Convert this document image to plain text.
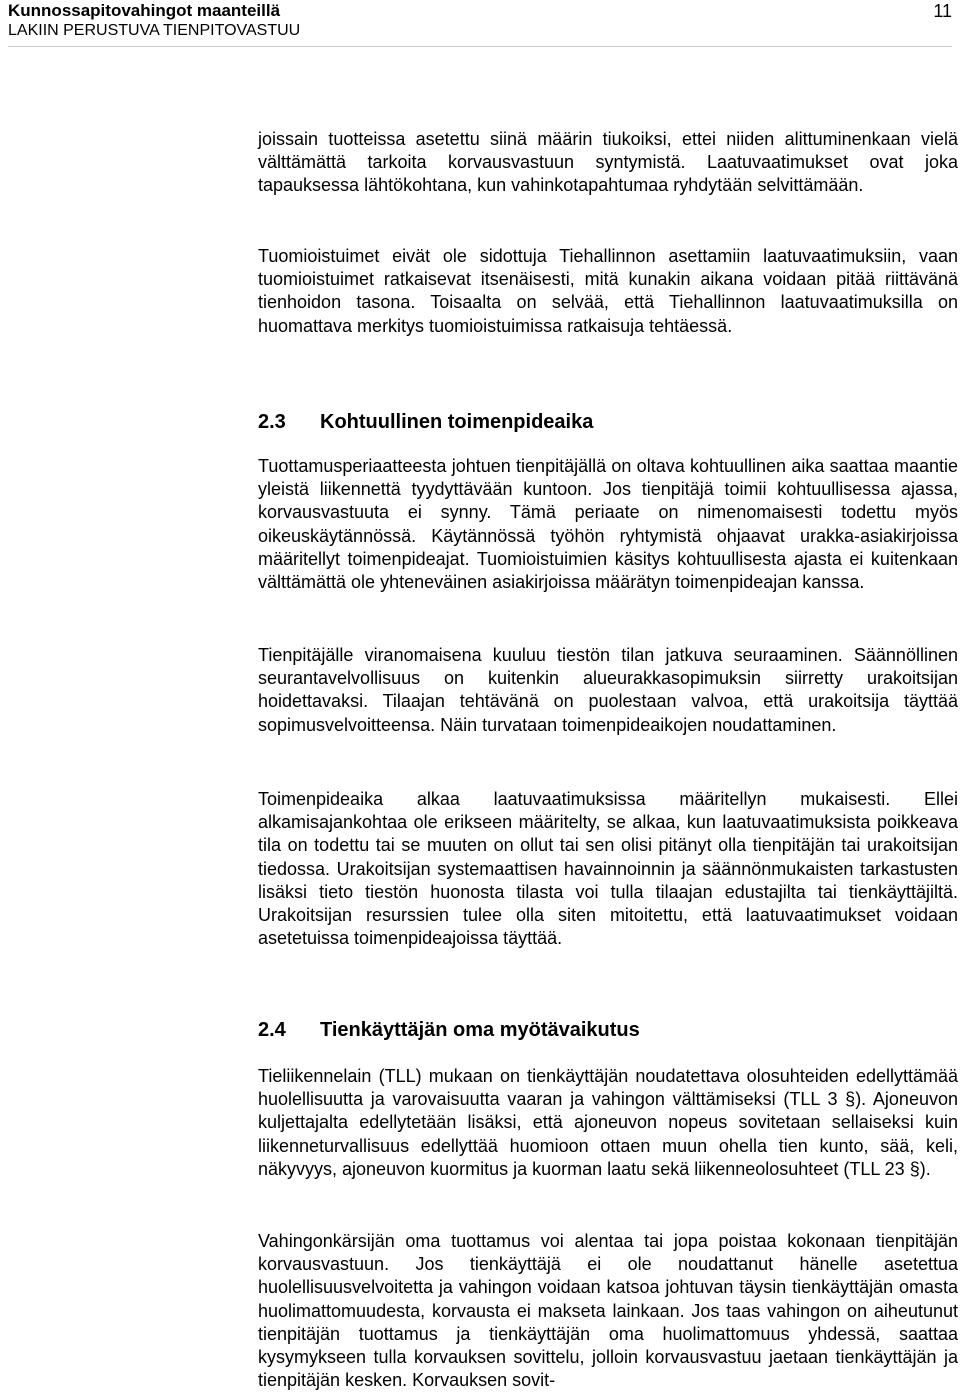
Kunnossapitovahingot maanteillä
LAKIIN PERUSTUVA TIENPITOVASTUU
11

joissain tuotteissa asetettu siinä määrin tiukoiksi, ettei niiden alittuminenkaan vielä välttämättä tarkoita korvausvastuun syntymistä. Laatuvaatimukset ovat joka tapauksessa lähtökohtana, kun vahinkotapahtumaa ryhdytään selvittämään.

Tuomioistuimet eivät ole sidottuja Tiehallinnon asettamiin laatuvaatimuksiin, vaan tuomioistuimet ratkaisevat itsenäisesti, mitä kunakin aikana voidaan pitää riittävänä tienhoidon tasona. Toisaalta on selvää, että Tiehallinnon laatuvaatimuksilla on huomattava merkitys tuomioistuimissa ratkaisuja tehtäessä.

2.3 Kohtuullinen toimenpideaika

Tuottamusperiaatteesta johtuen tienpitäjällä on oltava kohtuullinen aika saattaa maantie yleistä liikennettä tyydyttävään kuntoon. Jos tienpitäjä toimii kohtuullisessa ajassa, korvausvastuuta ei synny. Tämä periaate on nimenomaisesti todettu myös oikeuskäytännössä. Käytännössä työhön ryhtymistä ohjaavat urakka-asiakirjoissa määritellyt toimenpideajat. Tuomioistuimien käsitys kohtuullisesta ajasta ei kuitenkaan välttämättä ole yhteneväinen asiakirjoissa määrätyn toimenpideajan kanssa.

Tienpitäjälle viranomaisena kuuluu tiestön tilan jatkuva seuraaminen. Säännöllinen seurantavelvollisuus on kuitenkin alueurakkasopimuksin siirretty urakoitsijan hoidettavaksi. Tilaajan tehtävänä on puolestaan valvoa, että urakoitsija täyttää sopimusvelvoitteensa. Näin turvataan toimenpideaikojen noudattaminen.

Toimenpideaika alkaa laatuvaatimuksissa määritellyn mukaisesti. Ellei alkamisajankohtaa ole erikseen määritelty, se alkaa, kun laatuvaatimuksista poikkeava tila on todettu tai se muuten on ollut tai sen olisi pitänyt olla tienpitäjän tai urakoitsijan tiedossa. Urakoitsijan systemaattisen havainnoinnin ja säännönmukaisten tarkastusten lisäksi tieto tiestön huonosta tilasta voi tulla tilaajan edustajilta tai tienkäyttäjiltä. Urakoitsijan resurssien tulee olla siten mitoitettu, että laatuvaatimukset voidaan asetetuissa toimenpideajoissa täyttää.

2.4 Tienkäyttäjän oma myötävaikutus

Tieliikennelain (TLL) mukaan on tienkäyttäjän noudatettava olosuhteiden edellyttämää huolellisuutta ja varovaisuutta vaaran ja vahingon välttämiseksi (TLL 3 §). Ajoneuvon kuljettajalta edellytetään lisäksi, että ajoneuvon nopeus sovitetaan sellaiseksi kuin liikenneturvallisuus edellyttää huomioon ottaen muun ohella tien kunto, sää, keli, näkyvyys, ajoneuvon kuormitus ja kuorman laatu sekä liikenneolosuhteet (TLL 23 §).

Vahingonkärsijän oma tuottamus voi alentaa tai jopa poistaa kokonaan tienpitäjän korvausvastuun. Jos tienkäyttäjä ei ole noudattanut hänelle asetettua huolellisuusvelvoitetta ja vahingon voidaan katsoa johtuvan täysin tienkäyttäjän omasta huolimattomuudesta, korvausta ei makseta lainkaan. Jos taas vahingon on aiheutunut tienpitäjän tuottamus ja tienkäyttäjän oma huolimattomuus yhdessä, saattaa kysymykseen tulla korvauksen sovittelu, jolloin korvausvastuu jaetaan tienkäyttäjän ja tienpitäjän kesken. Korvauksen sovit-
